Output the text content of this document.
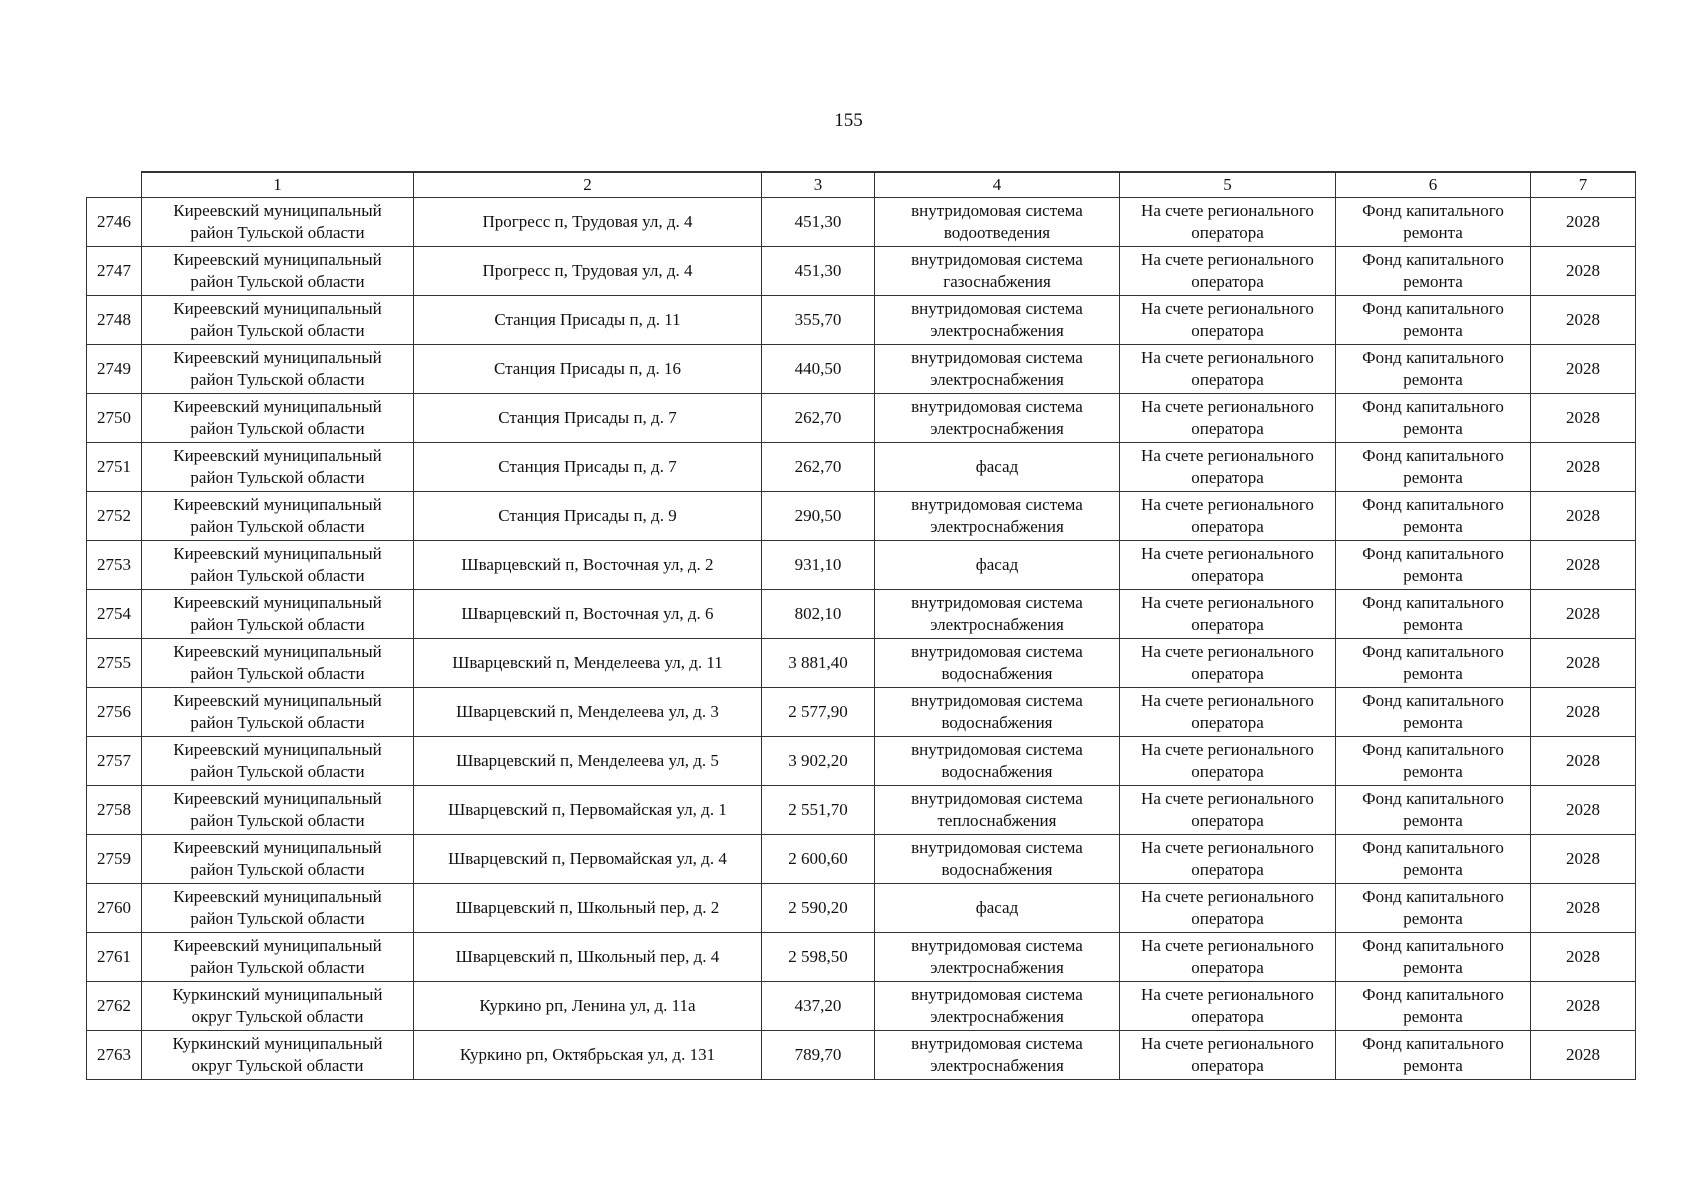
155
	1	2	3	4	5	6	7
2746	Киреевский муниципальный
район Тульской области	Прогресс п, Трудовая ул, д. 4	451,30	внутридомовая система
водоотведения	На счете регионального
оператора	Фонд капитального
ремонта	2028
2747	Киреевский муниципальный
район Тульской области	Прогресс п, Трудовая ул, д. 4	451,30	внутридомовая система
газоснабжения	На счете регионального
оператора	Фонд капитального
ремонта	2028
2748	Киреевский муниципальный
район Тульской области	Станция Присады п, д. 11	355,70	внутридомовая система
электроснабжения	На счете регионального
оператора	Фонд капитального
ремонта	2028
2749	Киреевский муниципальный
район Тульской области	Станция Присады п, д. 16	440,50	внутридомовая система
электроснабжения	На счете регионального
оператора	Фонд капитального
ремонта	2028
2750	Киреевский муниципальный
район Тульской области	Станция Присады п, д. 7	262,70	внутридомовая система
электроснабжения	На счете регионального
оператора	Фонд капитального
ремонта	2028
2751	Киреевский муниципальный
район Тульской области	Станция Присады п, д. 7	262,70	фасад	На счете регионального
оператора	Фонд капитального
ремонта	2028
2752	Киреевский муниципальный
район Тульской области	Станция Присады п, д. 9	290,50	внутридомовая система
электроснабжения	На счете регионального
оператора	Фонд капитального
ремонта	2028
2753	Киреевский муниципальный
район Тульской области	Шварцевский п, Восточная ул, д. 2	931,10	фасад	На счете регионального
оператора	Фонд капитального
ремонта	2028
2754	Киреевский муниципальный
район Тульской области	Шварцевский п, Восточная ул, д. 6	802,10	внутридомовая система
электроснабжения	На счете регионального
оператора	Фонд капитального
ремонта	2028
2755	Киреевский муниципальный
район Тульской области	Шварцевский п, Менделеева ул, д. 11	3 881,40	внутридомовая система
водоснабжения	На счете регионального
оператора	Фонд капитального
ремонта	2028
2756	Киреевский муниципальный
район Тульской области	Шварцевский п, Менделеева ул, д. 3	2 577,90	внутридомовая система
водоснабжения	На счете регионального
оператора	Фонд капитального
ремонта	2028
2757	Киреевский муниципальный
район Тульской области	Шварцевский п, Менделеева ул, д. 5	3 902,20	внутридомовая система
водоснабжения	На счете регионального
оператора	Фонд капитального
ремонта	2028
2758	Киреевский муниципальный
район Тульской области	Шварцевский п, Первомайская ул, д. 1	2 551,70	внутридомовая система
теплоснабжения	На счете регионального
оператора	Фонд капитального
ремонта	2028
2759	Киреевский муниципальный
район Тульской области	Шварцевский п, Первомайская ул, д. 4	2 600,60	внутридомовая система
водоснабжения	На счете регионального
оператора	Фонд капитального
ремонта	2028
2760	Киреевский муниципальный
район Тульской области	Шварцевский п, Школьный пер, д. 2	2 590,20	фасад	На счете регионального
оператора	Фонд капитального
ремонта	2028
2761	Киреевский муниципальный
район Тульской области	Шварцевский п, Школьный пер, д. 4	2 598,50	внутридомовая система
электроснабжения	На счете регионального
оператора	Фонд капитального
ремонта	2028
2762	Куркинский муниципальный
округ Тульской области	Куркино рп, Ленина ул, д. 11а	437,20	внутридомовая система
электроснабжения	На счете регионального
оператора	Фонд капитального
ремонта	2028
2763	Куркинский муниципальный
округ Тульской области	Куркино рп, Октябрьская ул, д. 131	789,70	внутридомовая система
электроснабжения	На счете регионального
оператора	Фонд капитального
ремонта	2028
